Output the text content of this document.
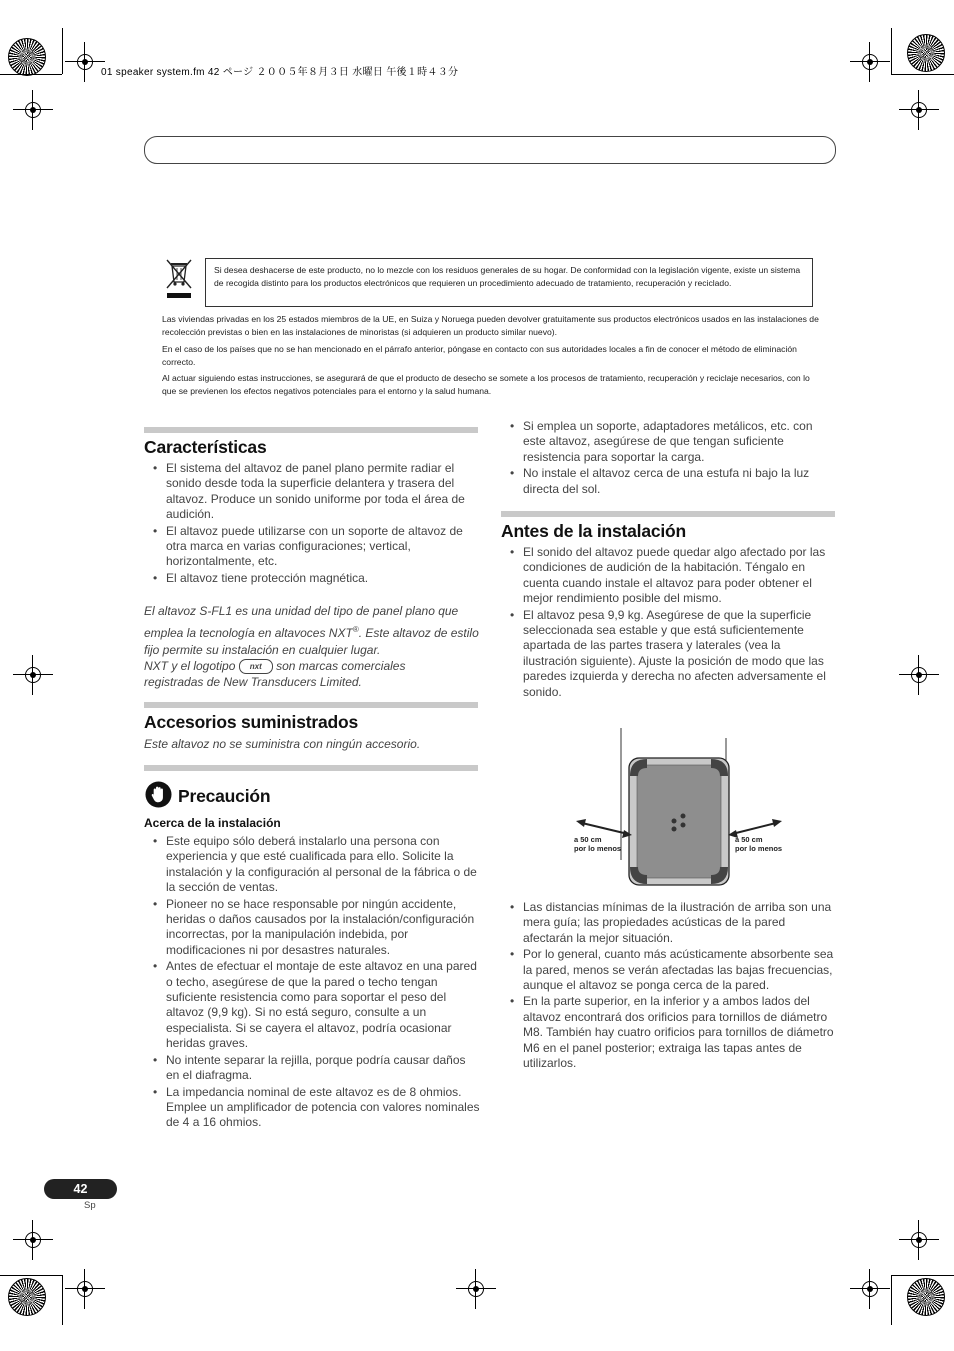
01 speaker system.fm 42 ページ ２００５年８月３日 水曜日 午後１時４３分
Si desea deshacerse de este producto, no lo mezcle con los residuos generales de su hogar. De conformidad con la legislación vigente, existe un sistema de recogida distinto para los productos electrónicos que requieren un procedimiento adecuado de tratamiento, recuperación y reciclado.
Las viviendas privadas en los 25 estados miembros de la UE, en Suiza y Noruega pueden devolver gratuitamente sus productos electrónicos usados en las instalaciones de recolección previstas o bien en las instalaciones de minoristas (si adquieren un producto similar nuevo).
En el caso de los países que no se han mencionado en el párrafo anterior, póngase en contacto con sus autoridades locales a fin de conocer el método de eliminación correcto.
Al actuar siguiendo estas instrucciones, se asegurará de que el producto de desecho se somete a los procesos de tratamiento, recuperación y reciclaje necesarios, con lo que se previenen los efectos negativos potenciales para el entorno y la salud humana.
Características
• El sistema del altavoz de panel plano permite radiar el sonido desde toda la superficie delantera y trasera del altavoz. Produce un sonido uniforme por toda el área de audición.
• El altavoz puede utilizarse con un soporte de altavoz de otra marca en varias configuraciones; vertical, horizontalmente, etc.
• El altavoz tiene protección magnética.
El altavoz S-FL1 es una unidad del tipo de panel plano que emplea la tecnología en altavoces NXT®. Este altavoz de estilo fijo permite su instalación en cualquier lugar.
NXT y el logotipo nxt son marcas comerciales registradas de New Transducers Limited.
Accesorios suministrados
Este altavoz no se suministra con ningún accesorio.
Precaución
Acerca de la instalación
• Este equipo sólo deberá instalarlo una persona con experiencia y que esté cualificada para ello. Solicite la instalación y la configuración al personal de la fábrica o de la sección de ventas.
• Pioneer no se hace responsable por ningún accidente, heridas o daños causados por la instalación/configuración incorrectas, por la manipulación indebida, por modificaciones ni por desastres naturales.
• Antes de efectuar el montaje de este altavoz en una pared o techo, asegúrese de que la pared o techo tengan suficiente resistencia como para soportar el peso del altavoz (9,9 kg). Si no está seguro, consulte a un especialista. Si se cayera el altavoz, podría ocasionar heridas graves.
• No intente separar la rejilla, porque podría causar daños en el diafragma.
• La impedancia nominal de este altavoz es de 8 ohmios. Emplee un amplificador de potencia con valores nominales de 4 a 16 ohmios.
• Si emplea un soporte, adaptadores metálicos, etc. con este altavoz, asegúrese de que tengan suficiente resistencia para soportar la carga.
• No instale el altavoz cerca de una estufa ni bajo la luz directa del sol.
Antes de la instalación
• El sonido del altavoz puede quedar algo afectado por las condiciones de audición de la habitación. Téngalo en cuenta cuando instale el altavoz para poder obtener el mejor rendimiento posible del mismo.
• El altavoz pesa 9,9 kg. Asegúrese de que la superficie seleccionada sea estable y que está suficientemente apartada de las partes trasera y laterales (vea la ilustración siguiente). Ajuste la posición de modo que las paredes izquierda y derecha no afecten adversamente el sonido.
a 50 cm
por lo menos
a 50 cm
por lo menos
• Las distancias mínimas de la ilustración de arriba son una mera guía; las propiedades acústicas de la pared afectarán la mejor situación.
• Por lo general, cuanto más acústicamente absorbente sea la pared, menos se verán afectadas las bajas frecuencias, aunque el altavoz se ponga cerca de la pared.
• En la parte superior, en la inferior y a ambos lados del altavoz encontrará dos orificios para tornillos de diámetro M8. También hay cuatro orificios para tornillos de diámetro M6 en el panel posterior; extraiga las tapas antes de utilizarlos.
42
Sp
